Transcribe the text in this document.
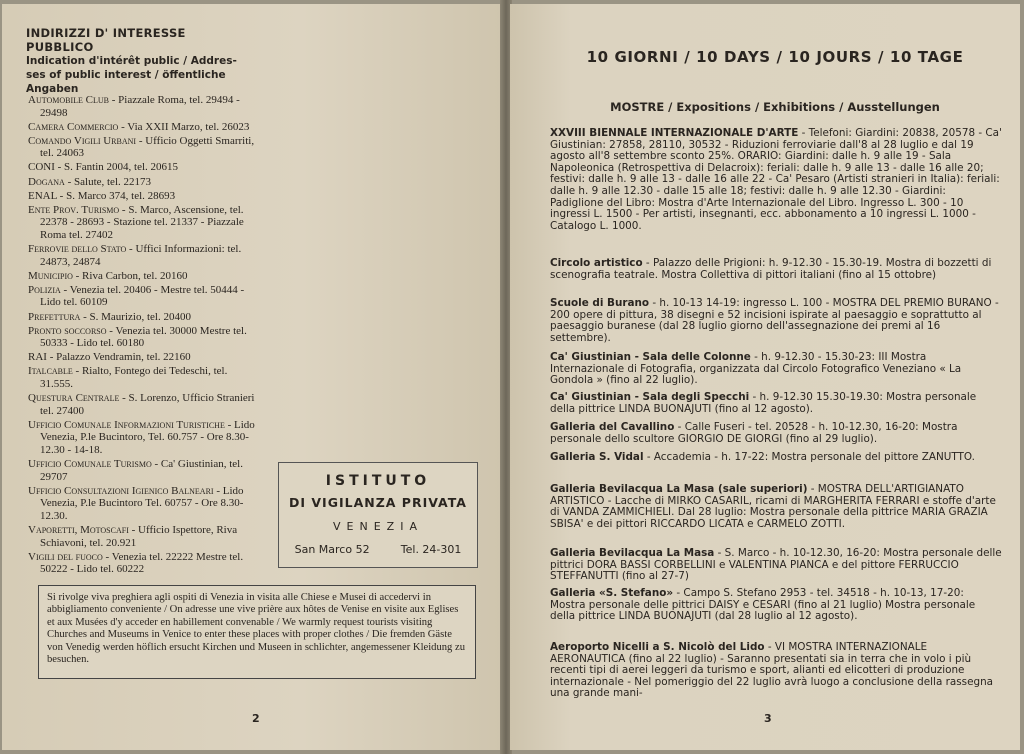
INDIRIZZI D' INTERESSE PUBBLICO
Indication d'intérêt public / Addres-
ses of public interest / öffentliche
Angaben
Automobile Club - Piazzale Roma, tel. 29494 - 29498
Camera Commercio - Via XXII Marzo, tel. 26023
Comando Vigili Urbani - Ufficio Oggetti Smarriti, tel. 24063
CONI - S. Fantin 2004, tel. 20615
Dogana - Salute, tel. 22173
ENAL - S. Marco 374, tel. 28693
Ente Prov. Turismo - S. Marco, Ascensione, tel. 22378 - 28693 - Stazione tel. 21337 - Piazzale Roma tel. 27402
Ferrovie dello Stato - Uffici Informazioni: tel. 24873, 24874
Municipio - Riva Carbon, tel. 20160
Polizia - Venezia tel. 20406 - Mestre tel. 50444 - Lido tel. 60109
Prefettura - S. Maurizio, tel. 20400
Pronto soccorso - Venezia tel. 30000 Mestre tel. 50333 - Lido tel. 60180
RAI - Palazzo Vendramin, tel. 22160
Italcable - Rialto, Fontego dei Tedeschi, tel. 31.555.
Questura Centrale - S. Lorenzo, Ufficio Stranieri tel. 27400
Ufficio Comunale Informazioni Turistiche - Lido Venezia, P.le Bucintoro, Tel. 60.757 - Ore 8.30-12.30 - 14-18.
Ufficio Comunale Turismo - Ca' Giustinian, tel. 29707
Ufficio Consultazioni Igienico Balneari - Lido Venezia, P.le Bucintoro Tel. 60757 - Ore 8.30-12.30.
Vaporetti, Motoscafi - Ufficio Ispettore, Riva Schiavoni, tel. 20.921
Vigili del fuoco - Venezia tel. 22222 Mestre tel. 50222 - Lido tel. 60222
ISTITUTO
DI VIGILANZA PRIVATA
VENEZIA
San Marco 52	Tel. 24-301
Si rivolge viva preghiera agli ospiti di Venezia in visita alle Chiese e Musei di accedervi in abbigliamento conveniente / On adresse une vive prière aux hôtes de Venise en visite aux Eglises et aux Musées d'y acceder en habillement convenable / We warmly request tourists visiting Churches and Museums in Venice to enter these places with proper clothes / Die fremden Gäste von Venedig werden höflich ersucht Kirchen und Museen in schlichter, angemessener Kleidung zu besuchen.
2
10 GIORNI / 10 DAYS / 10 JOURS / 10 TAGE
MOSTRE / Expositions / Exhibitions / Ausstellungen
XXVIII BIENNALE INTERNAZIONALE D'ARTE - Telefoni: Giardini: 20838, 20578 - Ca' Giustinian: 27858, 28110, 30532 - Riduzioni ferroviarie dall'8 al 28 luglio e dal 19 agosto all'8 settembre sconto 25%. ORARIO: Giardini: dalle h. 9 alle 19 - Sala Napoleonica (Retrospettiva di Delacroix): feriali: dalle h. 9 alle 13 - dalle 16 alle 20; festivi: dalle h. 9 alle 13 - dalle 16 alle 22 - Ca' Pesaro (Artisti stranieri in Italia): feriali: dalle h. 9 alle 12.30 - dalle 15 alle 18; festivi: dalle h. 9 alle 12.30 - Giardini: Padiglione del Libro: Mostra d'Arte Internazionale del Libro. Ingresso L. 300 - 10 ingressi L. 1500 - Per artisti, insegnanti, ecc. abbonamento a 10 ingressi L. 1000 - Catalogo L. 1000.
Circolo artistico - Palazzo delle Prigioni: h. 9-12.30 - 15.30-19. Mostra di bozzetti di scenografia teatrale. Mostra Collettiva di pittori italiani (fino al 15 ottobre)
Scuole di Burano - h. 10-13 14-19: ingresso L. 100 - MOSTRA DEL PREMIO BURANO - 200 opere di pittura, 38 disegni e 52 incisioni ispirate al paesaggio e soprattutto al paesaggio buranese (dal 28 luglio giorno dell'assegnazione dei premi al 16 settembre).
Ca' Giustinian - Sala delle Colonne - h. 9-12.30 - 15.30-23: III Mostra Internazionale di Fotografia, organizzata dal Circolo Fotografico Veneziano « La Gondola » (fino al 22 luglio).
Ca' Giustinian - Sala degli Specchi - h. 9-12.30 15.30-19.30: Mostra personale della pittrice LINDA BUONAJUTI (fino al 12 agosto).
Galleria del Cavallino - Calle Fuseri - tel. 20528 - h. 10-12.30, 16-20: Mostra personale dello scultore GIORGIO DE GIORGI (fino al 29 luglio).
Galleria S. Vidal - Accademia - h. 17-22: Mostra personale del pittore ZANUTTO.
Galleria Bevilacqua La Masa (sale superiori) - MOSTRA DELL'ARTIGIANATO ARTISTICO - Lacche di MIRKO CASARIL, ricami di MARGHERITA FERRARI e stoffe d'arte di VANDA ZAMMICHIELI. Dal 28 luglio: Mostra personale della pittrice MARIA GRAZIA SBISA' e dei pittori RICCARDO LICATA e CARMELO ZOTTI.
Galleria Bevilacqua La Masa - S. Marco - h. 10-12.30, 16-20: Mostra personale delle pittrici DORA BASSI CORBELLINI e VALENTINA PIANCA e del pittore FERRUCCIO STEFFANUTTI (fino al 27-7)
Galleria «S. Stefano» - Campo S. Stefano 2953 - tel. 34518 - h. 10-13, 17-20: Mostra personale delle pittrici DAISY e CESARI (fino al 21 luglio) Mostra personale della pittrice LINDA BUONAJUTI (dal 28 luglio al 12 agosto).
Aeroporto Nicelli a S. Nicolò del Lido - VI MOSTRA INTERNAZIONALE AERONAUTICA (fino al 22 luglio) - Saranno presentati sia in terra che in volo i più recenti tipi di aerei leggeri da turismo e sport, alianti ed elicotteri di produzione internazionale - Nel pomeriggio del 22 luglio avrà luogo a conclusione della rassegna una grande mani-
3
